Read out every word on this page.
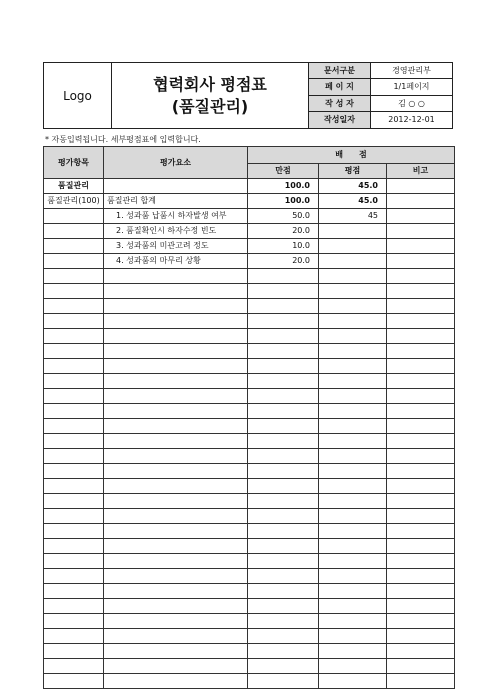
Logo
협력회사 평점표
(품질관리)
문서구분	경영관리부
페 이 지	1/1페이지
작 성 자	김 ○ ○
작성일자	2012-12-01
* 자동입력됩니다. 세부평점표에 입력합니다.
평가항목	평가요소	배　　점		
		만점	평점	비고
품질관리		100.0	45.0	
품질관리(100)	품질관리 합계	100.0	45.0	
	1. 성과품 납품시 하자발생 여부	50.0	45	
	2. 품질확인시 하자수정 빈도	20.0		
	3. 성과품의 미관고려 정도	10.0		
	4. 성과품의 마무리 상황	20.0		
